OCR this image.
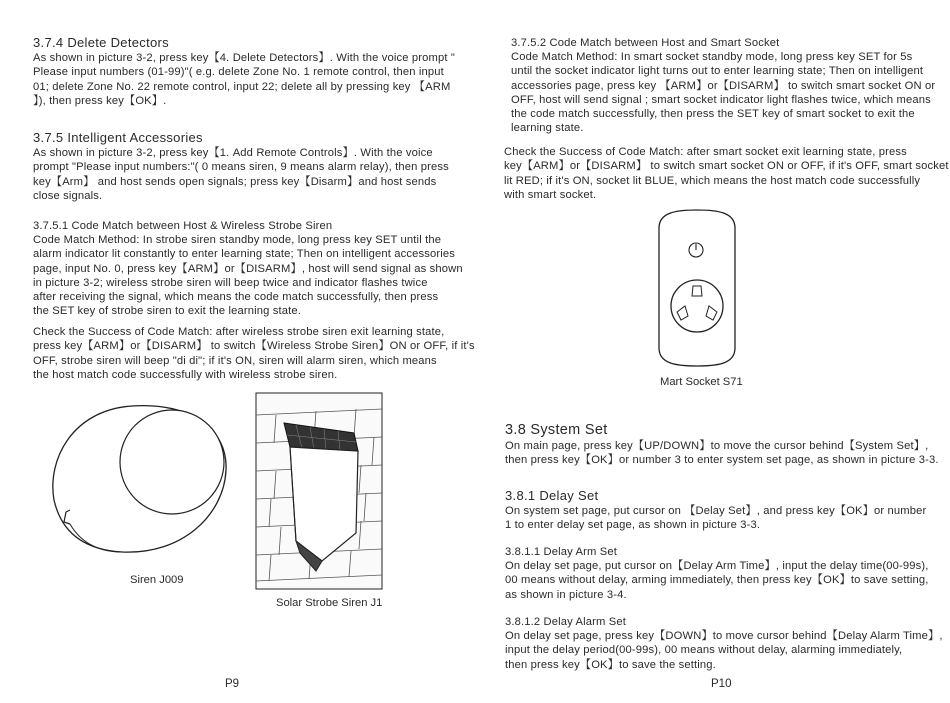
3.7.4 Delete Detectors
As shown in picture 3-2, press key【4. Delete Detectors】. With the voice prompt "
Please input numbers (01-99)"( e.g. delete Zone No. 1 remote control, then input
01; delete Zone No. 22 remote control, input 22; delete all by pressing key 【ARM
】), then press key【OK】.
3.7.5 Intelligent Accessories
As shown in picture 3-2, press key【1. Add Remote Controls】. With the voice
prompt "Please input numbers:"( 0 means siren, 9 means alarm relay), then press
key【Arm】 and host sends open signals; press key【Disarm】and host sends
close signals.
3.7.5.1 Code Match between Host & Wireless Strobe Siren
Code Match Method: In strobe siren standby mode, long press key SET until the
alarm indicator lit constantly to enter learning state; Then on intelligent accessories
page, input No. 0, press key【ARM】or【DISARM】, host will send signal as shown
in picture 3-2; wireless strobe siren will beep twice and indicator flashes twice
after receiving the signal, which means the code match successfully, then press
the SET key of strobe siren to exit the learning state.
Check the Success of Code Match: after wireless strobe siren exit learning state,
press key【ARM】or【DISARM】 to switch【Wireless Strobe Siren】ON or OFF, if it's
OFF, strobe siren will beep "di di"; if it's ON, siren will alarm siren, which means
the host match code successfully with wireless strobe siren.
Siren J009
Solar Strobe Siren J1
P9
3.7.5.2 Code Match between Host and Smart Socket
Code Match Method: In smart socket standby mode, long press key SET for 5s
until the socket indicator light turns out to enter learning state; Then on intelligent
accessories page, press key 【ARM】or【DISARM】 to switch smart socket ON or
OFF, host will send signal ; smart socket indicator light flashes twice, which means
the code match successfully, then press the SET key of smart socket to exit the
learning state.
Check the Success of Code Match: after smart socket exit learning state, press
key【ARM】or【DISARM】 to switch smart socket ON or OFF, if it's OFF, smart socket
lit RED; if it's ON, socket lit BLUE, which means the host match code successfully
with smart socket.
Mart Socket S71
3.8 System Set
On main page, press key【UP/DOWN】to move the cursor behind【System Set】,
then press key【OK】or number 3 to enter system set page, as shown in picture 3-3.
3.8.1 Delay Set
On system set page, put cursor on 【Delay Set】, and press key【OK】or number
1 to enter delay set page, as shown in picture 3-3.
3.8.1.1 Delay Arm Set
On delay set page, put cursor on【Delay Arm Time】, input the delay time(00-99s),
00 means without delay, arming immediately, then press key【OK】to save setting,
as shown in picture 3-4.
3.8.1.2 Delay Alarm Set
On delay set page, press key【DOWN】to move cursor behind【Delay Alarm Time】,
input the delay period(00-99s), 00 means without delay, alarming immediately,
then press key【OK】to save the setting.
P10
